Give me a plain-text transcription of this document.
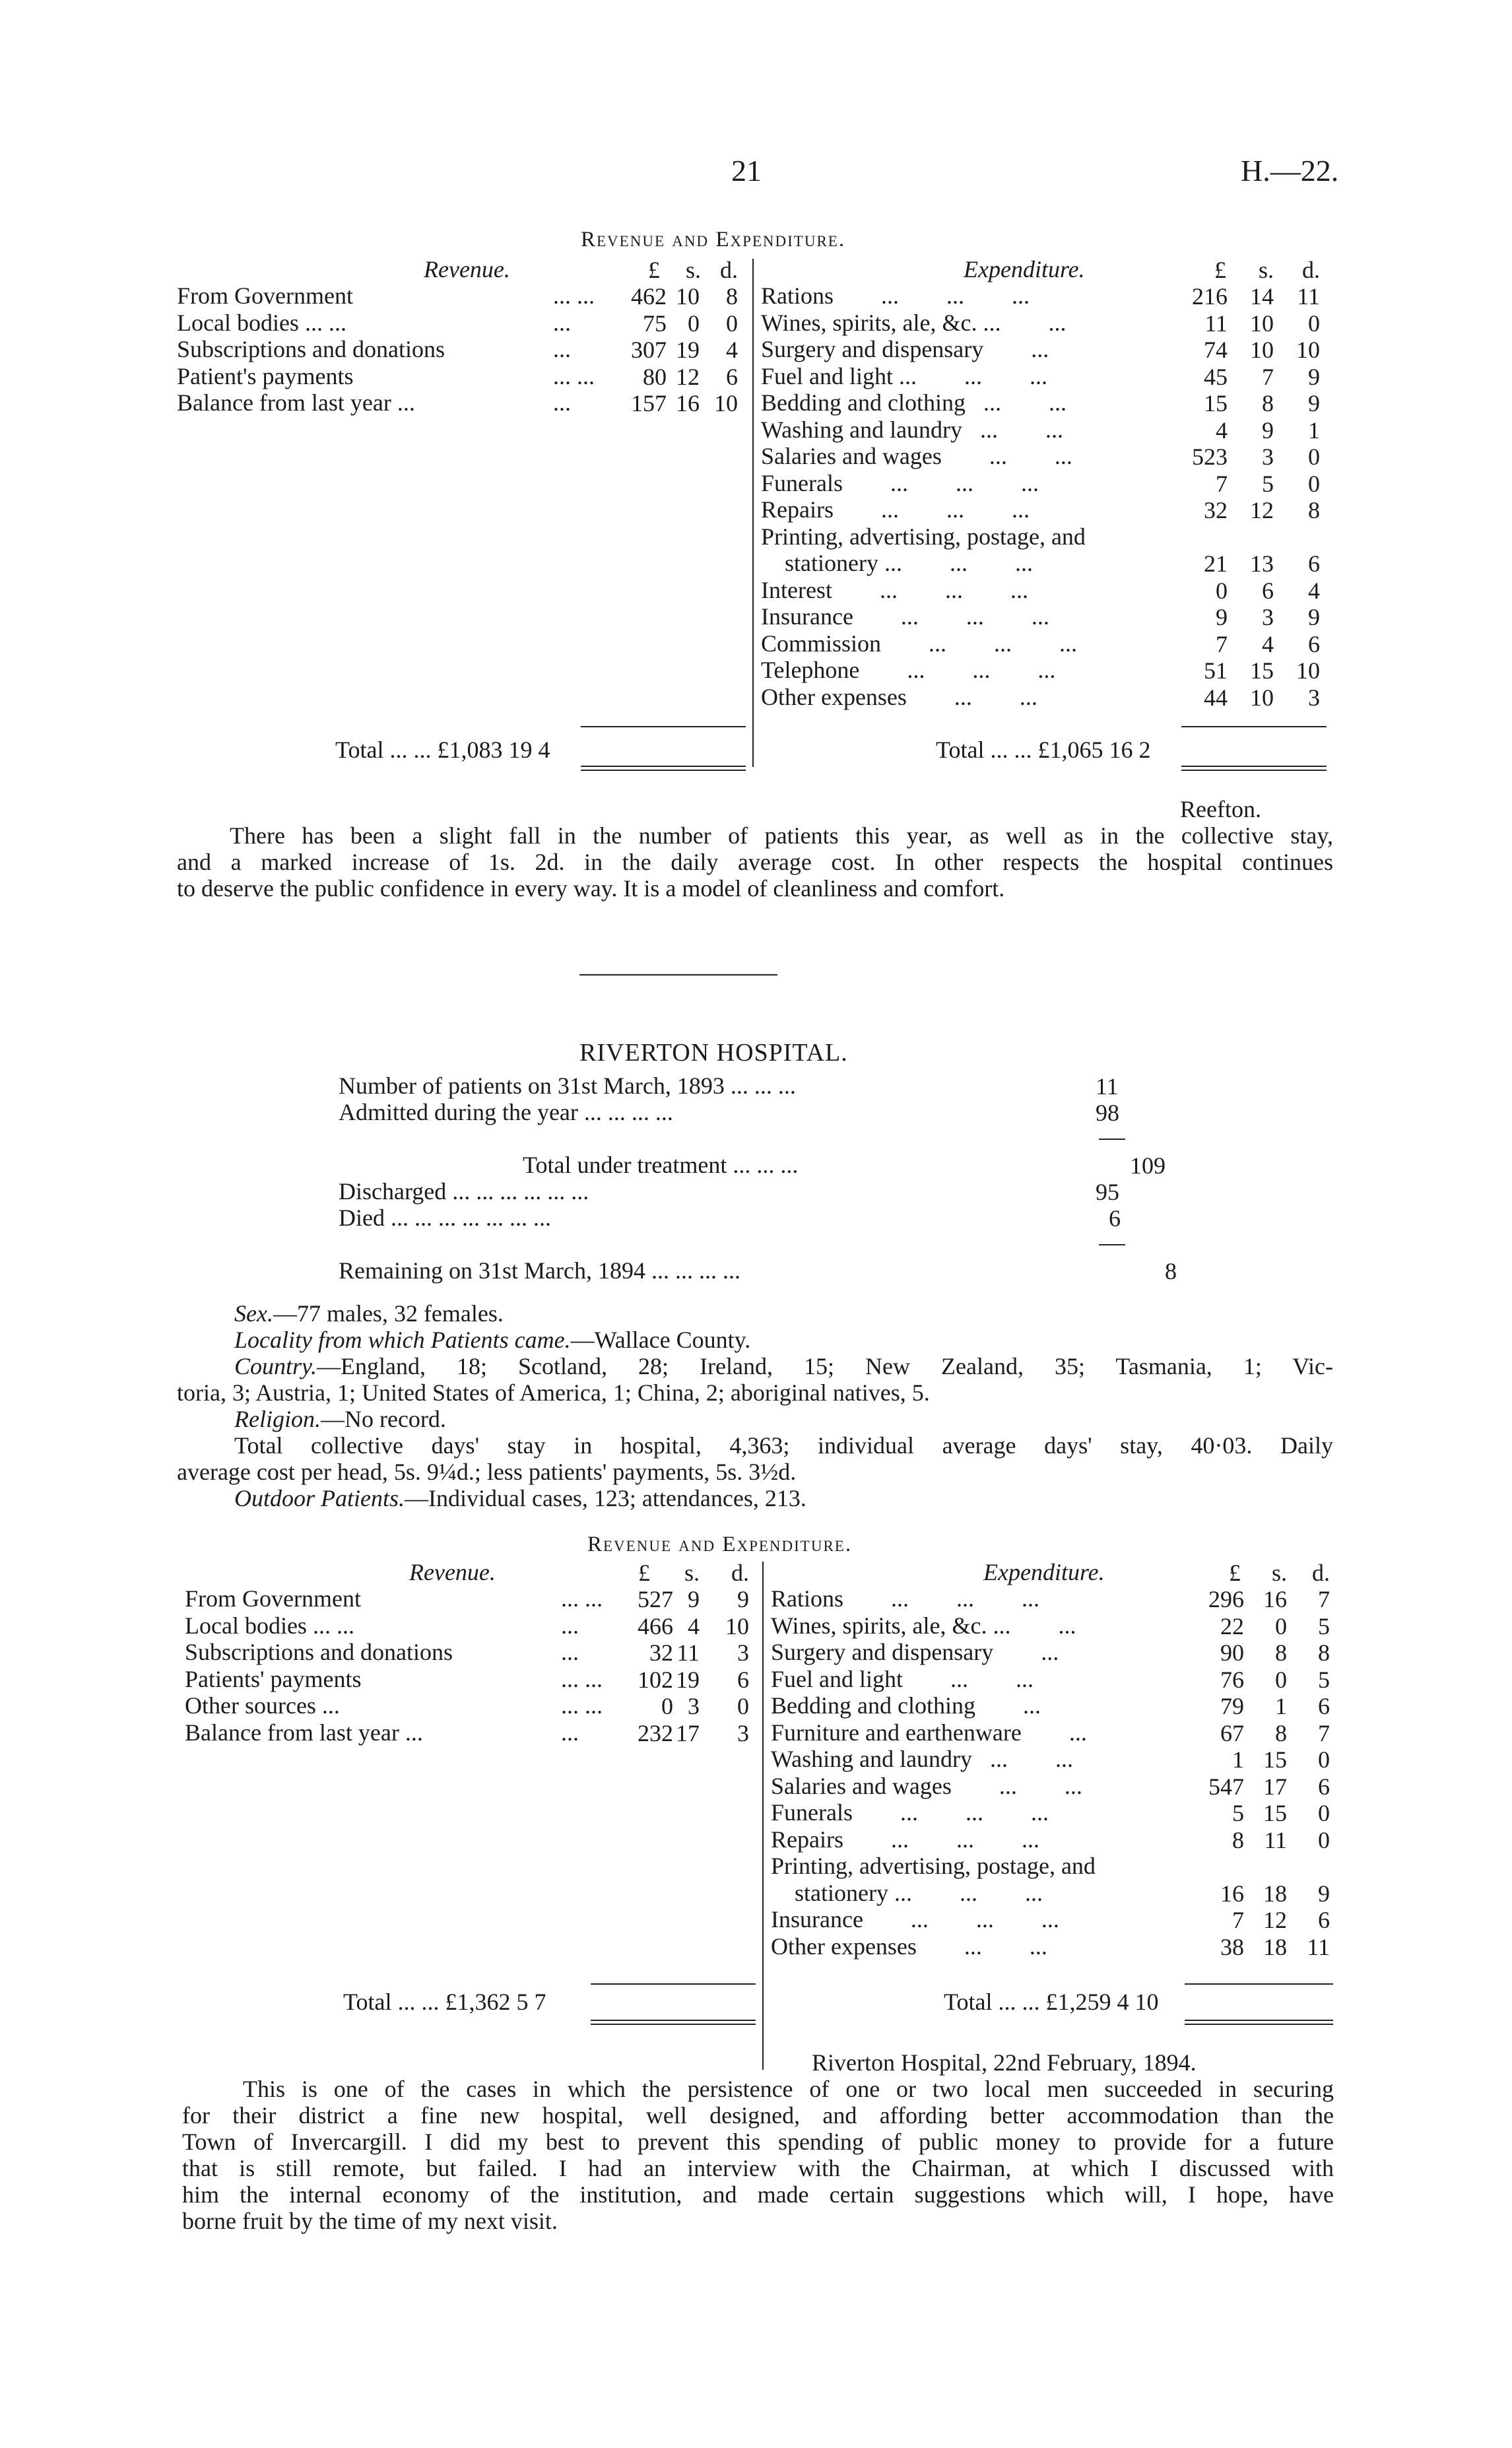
21	H.—22.
Revenue and Expenditure.
Revenue.	£	s. d.	Expenditure.	£	s.	d.
From Government	... ...	462 10	8
Local bodies ... ...	...	75 0	0
Subscriptions and donations	...	307 19	4
Patient's payments	... ...	80 12	6
Balance from last year ...	...	157 16 10
Rations        ...        ...        ...	216 14 11
Wines, spirits, ale, &c. ...        ...	11 10	0
Surgery and dispensary        ...	74 10 10
Fuel and light ...        ...        ...	45	7	9
Bedding and clothing   ...        ...	15	8	9
Washing and laundry   ...        ...	4	9	1
Salaries and wages        ...        ...	523	3	0
Funerals        ...        ...        ...	7	5	0
Repairs        ...        ...        ...	32 12	8
Printing, advertising, postage, and
stationery ...        ...        ...	21 13	6
Interest        ...        ...        ...	0	6	4
Insurance        ...        ...        ...	9	3	9
Commission        ...        ...        ...	7	4	6
Telephone        ...        ...        ...	51 15 10
Other expenses        ...        ...	44 10	3
Total ... ... £1,083 19 4	Total ... ... £1,065 16 2
Reefton.
There has been a slight fall in the number of patients this year, as well as in the collective stay,
and a marked increase of 1s. 2d. in the daily average cost. In other respects the hospital continues
to deserve the public confidence in every way. It is a model of cleanliness and comfort.
RIVERTON HOSPITAL.
Number of patients on 31st March, 1893 ... ... ...	11
Admitted during the year ... ... ... ...	98
Total under treatment ... ... ...	109
Discharged ... ... ... ... ... ...	95
Died ... ... ... ... ... ... ...	6
Remaining on 31st March, 1894 ... ... ... ...	8
Sex.—77 males, 32 females.
Locality from which Patients came.—Wallace County.
Country.—England, 18; Scotland, 28; Ireland, 15; New Zealand, 35; Tasmania, 1; Vic-
toria, 3; Austria, 1; United States of America, 1; China, 2; aboriginal natives, 5.
Religion.—No record.
Total collective days' stay in hospital, 4,363; individual average days' stay, 40·03. Daily
average cost per head, 5s. 9¼d.; less patients' payments, 5s. 3½d.
Outdoor Patients.—Individual cases, 123; attendances, 213.
Revenue and Expenditure.
Revenue.	£	s.	d.	Expenditure.	£	s.	d.
From Government	... ...	527 9	9
Local bodies ... ...	...	466 4	10
Subscriptions and donations	...	32 11	3
Patients' payments	... ...	102 19	6
Other sources ...	... ...	0 3	0
Balance from last year ...	...	232 17	3
Rations        ...        ...        ...	296 16	7
Wines, spirits, ale, &c. ...        ...	22	0	5
Surgery and dispensary        ...	90	8	8
Fuel and light        ...        ...	76	0	5
Bedding and clothing        ...	79	1	6
Furniture and earthenware        ...	67	8	7
Washing and laundry   ...        ...	1 15	0
Salaries and wages        ...        ...	547 17	6
Funerals        ...        ...        ...	5 15	0
Repairs        ...        ...        ...	8 11	0
Printing, advertising, postage, and
stationery ...        ...        ...	16 18	9
Insurance        ...        ...        ...	7 12	6
Other expenses        ...        ...	38 18 11
Total ... ... £1,362 5 7	Total ... ... £1,259 4 10
Riverton Hospital, 22nd February, 1894.
This is one of the cases in which the persistence of one or two local men succeeded in securing
for their district a fine new hospital, well designed, and affording better accommodation than the
Town of Invercargill. I did my best to prevent this spending of public money to provide for a future
that is still remote, but failed. I had an interview with the Chairman, at which I discussed with
him the internal economy of the institution, and made certain suggestions which will, I hope, have
borne fruit by the time of my next visit.
